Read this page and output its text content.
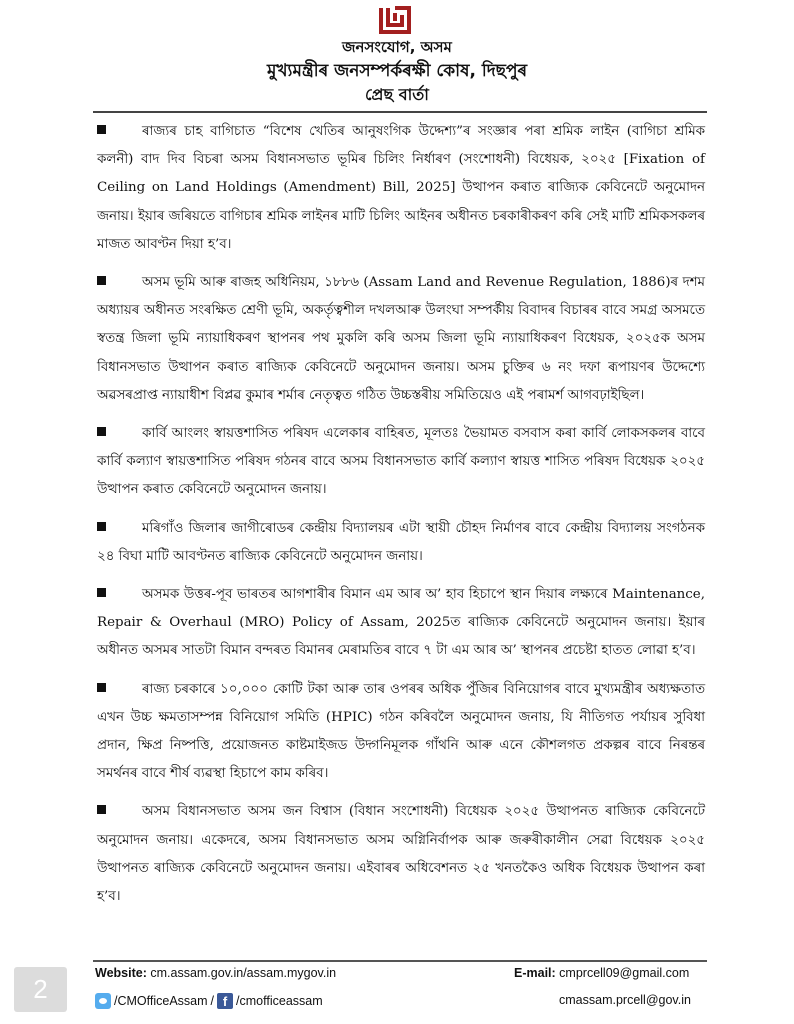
জনসংযোগ, অসম
মুখ্যমন্ত্ৰীৰ জনসম্পৰ্কৰক্ষী কোষ, দিছপুৰ
প্ৰেছ বাৰ্তা

ৰাজ্যৰ চাহ বাগিচাত “বিশেষ খেতিৰ আনুষংগিক উদ্দেশ্য”ৰ সংজ্ঞাৰ পৰা শ্ৰমিক লাইন (বাগিচা শ্ৰমিক কলনী) বাদ দিব বিচৰা অসম বিধানসভাত ভূমিৰ চিলিং নিৰ্ধাৰণ (সংশোধনী) বিধেয়ক, ২০২৫ [Fixation of Ceiling on Land Holdings (Amendment) Bill, 2025] উত্থাপন কৰাত ৰাজ্যিক কেবিনেটে অনুমোদন জনায়। ইয়াৰ জৰিয়তে বাগিচাৰ শ্ৰমিক লাইনৰ মাটি চিলিং আইনৰ অধীনত চৰকাৰীকৰণ কৰি সেই মাটি শ্ৰমিকসকলৰ মাজত আবণ্টন দিয়া হ’ব।

অসম ভূমি আৰু ৰাজহ অধিনিয়ম, ১৮৮৬ (Assam Land and Revenue Regulation, 1886)ৰ দশম অধ্যায়ৰ অধীনত সংৰক্ষিত শ্ৰেণী ভূমি, অকৰ্তৃত্বশীল দখলআৰু উলংঘা সম্পৰ্কীয় বিবাদৰ বিচাৰৰ বাবে সমগ্ৰ অসমতে স্বতন্ত্ৰ জিলা ভূমি ন্যায়াধিকৰণ স্থাপনৰ পথ মুকলি কৰি অসম জিলা ভূমি ন্যায়াধিকৰণ বিধেয়ক, ২০২৫ক অসম বিধানসভাত উত্থাপন কৰাত ৰাজ্যিক কেবিনেটে অনুমোদন জনায়। অসম চুক্তিৰ ৬ নং দফা ৰূপায়ণৰ উদ্দেশ্যে অৱসৰপ্ৰাপ্ত ন্যায়াধীশ বিপ্লৱ কুমাৰ শৰ্মাৰ নেতৃত্বত গঠিত উচ্চস্তৰীয় সমিতিয়েও এই পৰামৰ্শ আগবঢ়াইছিল।

কাৰ্বি আংলং স্বায়ত্তশাসিত পৰিষদ এলেকাৰ বাহিৰত, মূলতঃ ভৈয়ামত বসবাস কৰা কাৰ্বি লোকসকলৰ বাবে কাৰ্বি কল্যাণ স্বায়ত্তশাসিত পৰিষদ গঠনৰ বাবে অসম বিধানসভাত কাৰ্বি কল্যাণ স্বায়ত্ত শাসিত পৰিষদ বিধেয়ক ২০২৫ উত্থাপন কৰাত কেবিনেটে অনুমোদন জনায়।

মৰিগাঁও জিলাৰ জাগীৰোডৰ কেন্দ্ৰীয় বিদ্যালয়ৰ এটা স্থায়ী চৌহদ নিৰ্মাণৰ বাবে কেন্দ্ৰীয় বিদ্যালয় সংগঠনক ২৪ বিঘা মাটি আবণ্টনত ৰাজ্যিক কেবিনেটে অনুমোদন জনায়।

অসমক উত্তৰ-পূব ভাৰতৰ আগশাৰীৰ বিমান এম আৰ অ’ হাব হিচাপে স্থান দিয়াৰ লক্ষ্যৰে Maintenance, Repair & Overhaul (MRO) Policy of Assam, 2025ত ৰাজ্যিক কেবিনেটে অনুমোদন জনায়। ইয়াৰ অধীনত অসমৰ সাতটা বিমান বন্দৰত বিমানৰ মেৰামতিৰ বাবে ৭ টা এম আৰ অ’ স্থাপনৰ প্ৰচেষ্টা হাতত লোৱা হ’ব।

ৰাজ্য চৰকাৰে ১০,০০০ কোটি টকা আৰু তাৰ ওপৰৰ অধিক পুঁজিৰ বিনিয়োগৰ বাবে মুখ্যমন্ত্ৰীৰ অধ্যক্ষতাত এখন উচ্চ ক্ষমতাসম্পন্ন বিনিয়োগ সমিতি (HPIC) গঠন কৰিবলৈ অনুমোদন জনায়, যি নীতিগত পৰ্যায়ৰ সুবিধা প্ৰদান, ক্ষিপ্ৰ নিষ্পত্তি, প্ৰয়োজনত কাষ্টমাইজড উদ্গনিমূলক গাঁথনি আৰু এনে কৌশলগত প্ৰকল্পৰ বাবে নিৰন্তৰ সমৰ্থনৰ বাবে শীৰ্ষ ব্যৱস্থা হিচাপে কাম কৰিব।

অসম বিধানসভাত অসম জন বিশ্বাস (বিধান সংশোধনী) বিধেয়ক ২০২৫ উত্থাপনত ৰাজ্যিক কেবিনেটে অনুমোদন জনায়। একেদৰে, অসম বিধানসভাত অসম অগ্নিনিৰ্বাপক আৰু জৰুৰীকালীন সেৱা বিধেয়ক ২০২৫ উত্থাপনত ৰাজ্যিক কেবিনেটে অনুমোদন জনায়। এইবাৰৰ অধিবেশনত ২৫ খনতকৈও অধিক বিধেয়ক উত্থাপন কৰা হ’ব।

2
Website: cm.assam.gov.in/assam.mygov.in
/CMOfficeAssam / f /cmofficeassam
E-mail: cmprcell09@gmail.com
cmassam.prcell@gov.in
